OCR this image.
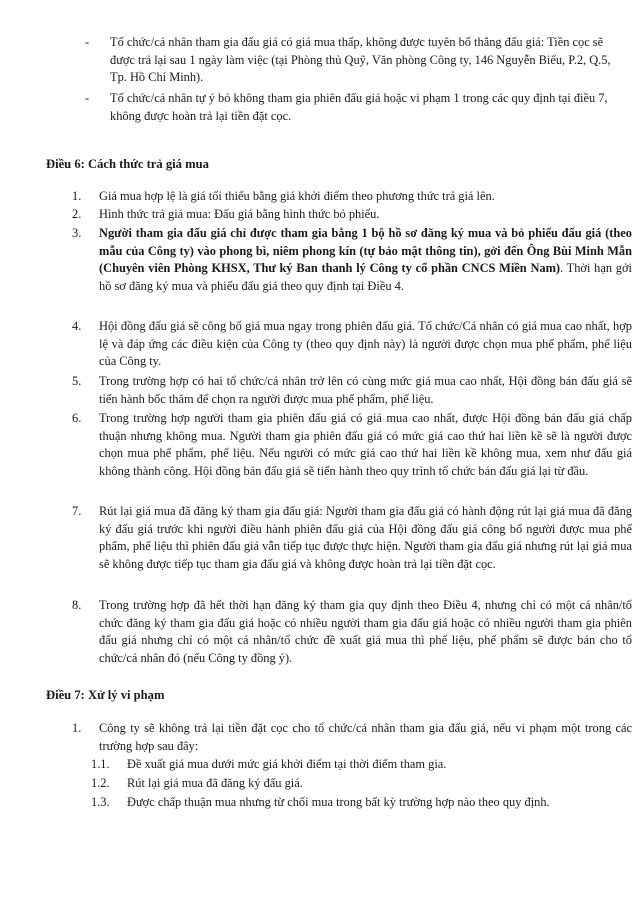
-	Tổ chức/cá nhân tham gia đấu giá có giá mua thấp, không được tuyên bố thắng đấu giá: Tiền cọc sẽ được trả lại sau 1 ngày làm việc (tại Phòng thủ Quỹ, Văn phòng Công ty, 146 Nguyễn Biểu, P.2, Q.5, Tp. Hồ Chí Minh).
-	Tổ chức/cá nhân tự ý bỏ không tham gia phiên đấu giá hoặc vi phạm 1 trong các quy định tại điều 7, không được hoàn trả lại tiền đặt cọc.
Điều 6: Cách thức trả giá mua
1.	Giá mua hợp lệ là giá tối thiểu bằng giá khởi điểm theo phương thức trả giá lên.
2.	Hình thức trả giá mua: Đấu giá bằng hình thức bỏ phiếu.
3.	Người tham gia đấu giá chỉ được tham gia bằng 1 bộ hồ sơ đăng ký mua và bỏ phiếu đấu giá (theo mẫu của Công ty) vào phong bì, niêm phong kín (tự bảo mật thông tin), gởi đến Ông Bùi Minh Mẫn (Chuyên viên Phòng KHSX, Thư ký Ban thanh lý Công ty cổ phần CNCS Miền Nam). Thời hạn gởi hồ sơ đăng ký mua và phiếu đấu giá theo quy định tại Điều 4.
4.	Hội đồng đấu giá sẽ công bố giá mua ngay trong phiên đấu giá. Tổ chức/Cá nhân có giá mua cao nhất, hợp lệ và đáp ứng các điều kiện của Công ty (theo quy định này) là người được chọn mua phế phẩm, phế liệu của Công ty.
5.	Trong trường hợp có hai tổ chức/cá nhân trở lên có cùng mức giá mua cao nhất, Hội đồng bán đấu giá sẽ tiến hành bốc thăm để chọn ra người được mua phế phẩm, phế liệu.
6.	Trong trường hợp người tham gia phiên đấu giá có giá mua cao nhất, được Hội đồng bán đấu giá chấp thuận nhưng không mua. Người tham gia phiên đấu giá có mức giá cao thứ hai liền kề sẽ là người được chọn mua phế phẩm, phế liệu. Nếu người có mức giá cao thứ hai liền kề không mua, xem như đấu giá không thành công. Hội đồng bán đấu giá sẽ tiến hành theo quy trình tổ chức bán đấu giá lại từ đầu.
7.	Rút lại giá mua đã đăng ký tham gia đấu giá: Người tham gia đấu giá có hành động rút lại giá mua đã đăng ký đấu giá trước khi người điều hành phiên đấu giá của Hội đồng đấu giá công bố người được mua phế phẩm, phế liệu thì phiên đấu giá vẫn tiếp tục được thực hiện. Người tham gia đấu giá nhưng rút lại giá mua sẽ không được tiếp tục tham gia đấu giá và không được hoàn trả lại tiền đặt cọc.
8.	Trong trường hợp đã hết thời hạn đăng ký tham gia quy định theo Điều 4, nhưng chỉ có một cá nhân/tổ chức đăng ký tham gia đấu giá hoặc có nhiều người tham gia đấu giá hoặc có nhiều người tham gia phiên đấu giá nhưng chỉ có một cá nhân/tổ chức đề xuất giá mua thì phế liệu, phế phẩm sẽ được bán cho tổ chức/cá nhân đó (nếu Công ty đồng ý).
Điều 7: Xử lý vi phạm
1.	Công ty sẽ không trả lại tiền đặt cọc cho tổ chức/cá nhân tham gia đấu giá, nếu vi phạm một trong các trường hợp sau đây:
1.1.	Đề xuất giá mua dưới mức giá khởi điểm tại thời điểm tham gia.
1.2.	Rút lại giá mua đã đăng ký đấu giá.
1.3.	Được chấp thuận mua nhưng từ chối mua trong bất kỳ trường hợp nào theo quy định.
